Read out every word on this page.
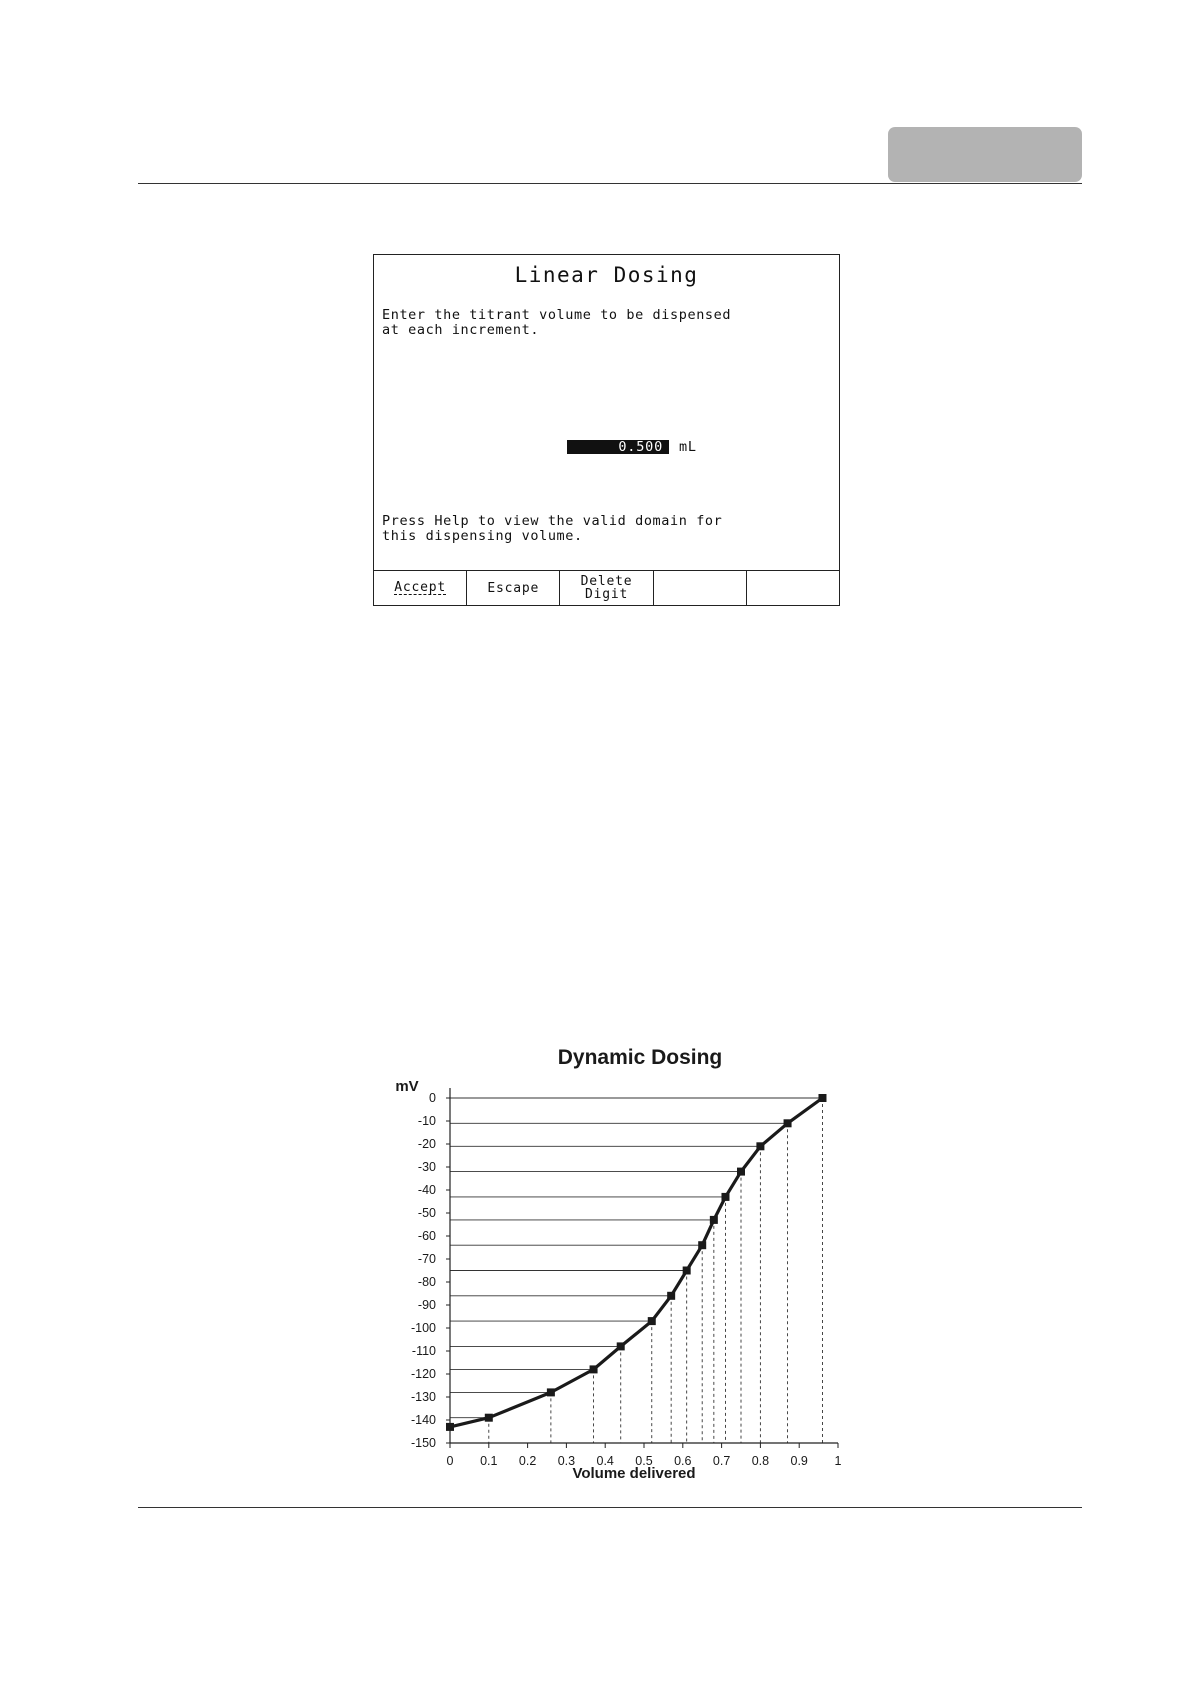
Linear Dosing
Enter the titrant volume to be dispensed
at each increment.
0.500	mL
Press Help to view the valid domain for
this dispensing volume.
Accept	Escape	Delete
Digit
Dynamic Dosing
mV
Volume delivered
0
-10
-20
-30
-40
-50
-60
-70
-80
-90
-100
-110
-120
-130
-140
-150
0 0.1 0.2 0.3 0.4 0.5 0.6 0.7 0.8 0.9 1
